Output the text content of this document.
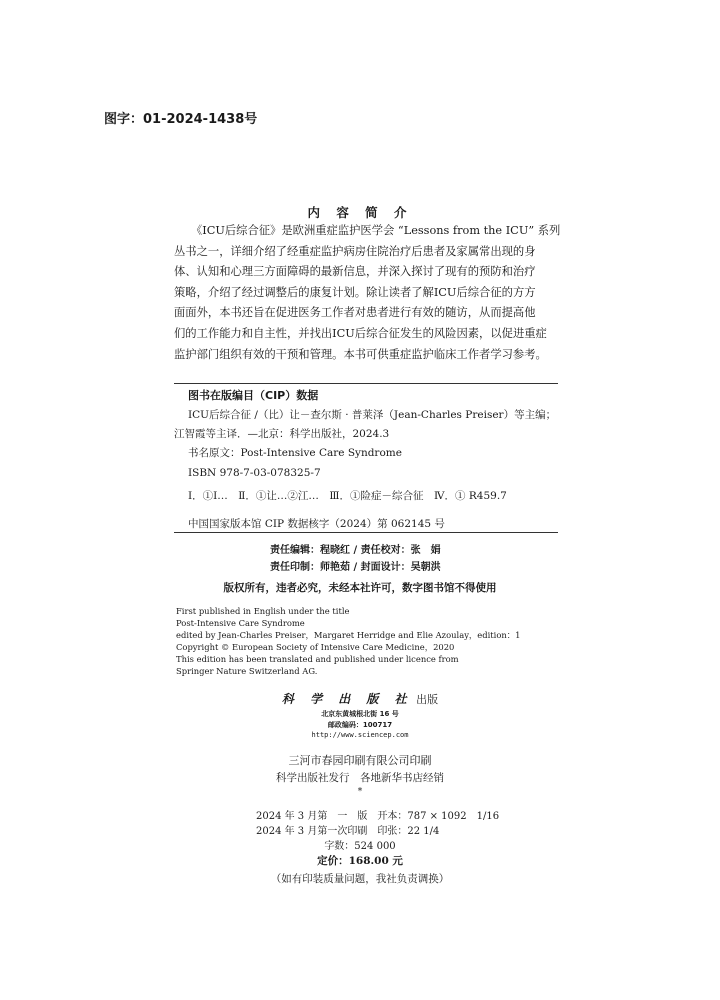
图字：01-2024-1438号
内 容 简 介
　　《ICU后综合征》是欧洲重症监护医学会 “Lessons from the ICU” 系列
丛书之一，详细介绍了经重症监护病房住院治疗后患者及家属常出现的身
体、认知和心理三方面障碍的最新信息，并深入探讨了现有的预防和治疗
策略，介绍了经过调整后的康复计划。除让读者了解ICU后综合征的方方
面面外，本书还旨在促进医务工作者对患者进行有效的随访，从而提高他
们的工作能力和自主性，并找出ICU后综合征发生的风险因素，以促进重症
监护部门组织有效的干预和管理。本书可供重症监护临床工作者学习参考。
图书在版编目（CIP）数据
ICU后综合征 /（比）让－查尔斯 · 普莱泽（Jean-Charles Preiser）等主编；
江智霞等主译．—北京：科学出版社，2024.3
书名原文：Post-Intensive Care Syndrome
ISBN 978-7-03-078325-7
Ⅰ．①I…　Ⅱ．①让…②江…　Ⅲ．①险症－综合征　Ⅳ．① R459.7
中国国家版本馆 CIP 数据核字（2024）第 062145 号
责任编辑：程晓红 / 责任校对：张　娟
责任印制：师艳茹 / 封面设计：吴朝洪
版权所有，违者必究，未经本社许可，数字图书馆不得使用
First published in English under the title
Post-Intensive Care Syndrome
edited by Jean-Charles Preiser，Margaret Herridge and Elie Azoulay，edition：1
Copyright © European Society of Intensive Care Medicine，2020
This edition has been translated and published under licence from
Springer Nature Switzerland AG.
科 学 出 版 社 出版
北京东黄城根北街 16 号
邮政编码：100717
http://www.sciencep.com
三河市春园印刷有限公司印刷
科学出版社发行　各地新华书店经销
*
2024 年 3 月第　一　版　开本：787 × 1092　1/16
2024 年 3 月第一次印刷　印张：22 1/4
字数：524 000
定价：168.00 元
（如有印装质量问题，我社负责调换）
